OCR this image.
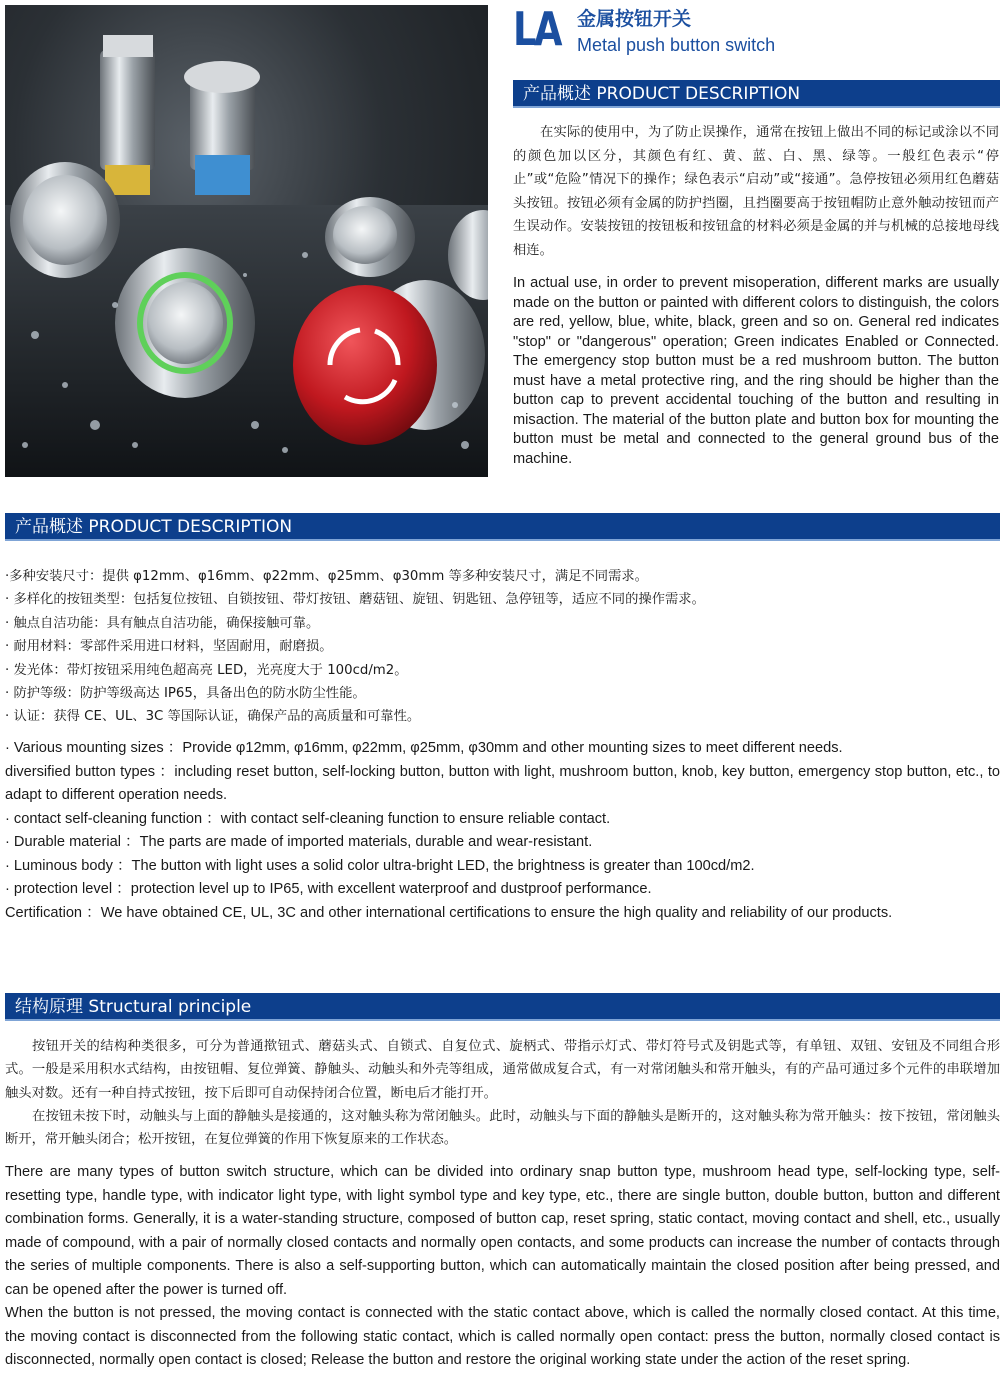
LA 金属按钮开关
Metal push button switch
产品概述 PRODUCT DESCRIPTION

在实际的使用中，为了防止误操作，通常在按钮上做出不同的标记或涂以不同的颜色加以区分，其颜色有红、黄、蓝、白、黑、绿等。一般红色表示“停止”或“危险”情况下的操作；绿色表示“启动”或“接通”。急停按钮必须用红色蘑菇头按钮。按钮必须有金属的防护挡圈，且挡圈要高于按钮帽防止意外触动按钮而产生误动作。安装按钮的按钮板和按钮盒的材料必须是金属的并与机械的总接地母线相连。

In actual use, in order to prevent misoperation, different marks are usually made on the button or painted with different colors to distinguish, the colors are red, yellow, blue, white, black, green and so on. General red indicates "stop" or "dangerous" operation; Green indicates Enabled or Connected. The emergency stop button must be a red mushroom button. The button must have a metal protective ring, and the ring should be higher than the button cap to prevent accidental touching of the button and resulting in misaction. The material of the button plate and button box for mounting the button must be metal and connected to the general ground bus of the machine.

产品概述 PRODUCT DESCRIPTION
·多种安装尺寸：提供 φ12mm、φ16mm、φ22mm、φ25mm、φ30mm 等多种安装尺寸，满足不同需求。
· 多样化的按钮类型：包括复位按钮、自锁按钮、带灯按钮、蘑菇钮、旋钮、钥匙钮、急停钮等，适应不同的操作需求。
· 触点自洁功能：具有触点自洁功能，确保接触可靠。
· 耐用材料：零部件采用进口材料，坚固耐用，耐磨损。
· 发光体：带灯按钮采用纯色超高亮 LED，光亮度大于 100cd/m2。
· 防护等级：防护等级高达 IP65，具备出色的防水防尘性能。
· 认证：获得 CE、UL、3C 等国际认证，确保产品的高质量和可靠性。
· Various mounting sizes ：Provide φ12mm, φ16mm, φ22mm, φ25mm, φ30mm and other mounting sizes to meet different needs.
diversified button types ：including reset button, self-locking button, button with light, mushroom button, knob, key button, emergency stop button, etc., to adapt to different operation needs.
· contact self-cleaning function ：with contact self-cleaning function to ensure reliable contact.
· Durable material ：The parts are made of imported materials, durable and wear-resistant.
· Luminous body ：The button with light uses a solid color ultra-bright LED, the brightness is greater than 100cd/m2.
· protection level ：protection level up to IP65, with excellent waterproof and dustproof performance.
Certification ：We have obtained CE, UL, 3C and other international certifications to ensure the high quality and reliability of our products.
结构原理 Structural principle

按钮开关的结构种类很多，可分为普通揿钮式、蘑菇头式、自锁式、自复位式、旋柄式、带指示灯式、带灯符号式及钥匙式等，有单钮、双钮、安钮及不同组合形式。一般是采用积水式结构，由按钮帽、复位弹簧、静触头、动触头和外壳等组成，通常做成复合式，有一对常闭触头和常开触头，有的产品可通过多个元件的串联增加触头对数。还有一种自持式按钮，按下后即可自动保持闭合位置，断电后才能打开。

在按钮未按下时，动触头与上面的静触头是接通的，这对触头称为常闭触头。此时，动触头与下面的静触头是断开的，这对触头称为常开触头：按下按钮，常闭触头断开，常开触头闭合；松开按钮，在复位弹簧的作用下恢复原来的工作状态。

There are many types of button switch structure, which can be divided into ordinary snap button type, mushroom head type, self-locking type, self-resetting type, handle type, with indicator light type, with light symbol type and key type, etc., there are single button, double button, button and different combination forms. Generally, it is a water-standing structure, composed of button cap, reset spring, static contact, moving contact and shell, etc., usually made of compound, with a pair of normally closed contacts and normally open contacts, and some products can increase the number of contacts through the series of multiple components. There is also a self-supporting button, which can automatically maintain the closed position after being pressed, and can be opened after the power is turned off.

When the button is not pressed, the moving contact is connected with the static contact above, which is called the normally closed contact. At this time, the moving contact is disconnected from the following static contact, which is called normally open contact: press the button, normally closed contact is disconnected, normally open contact is closed; Release the button and restore the original working state under the action of the reset spring.
